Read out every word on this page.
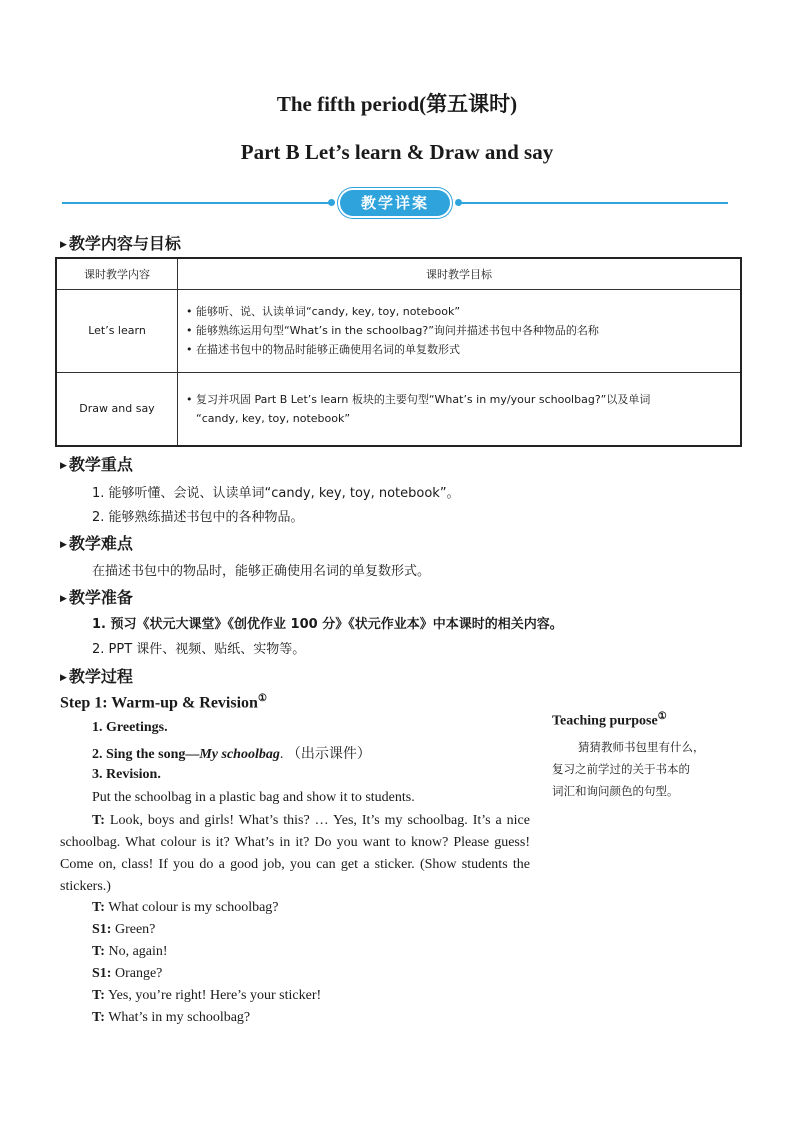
The fifth period(第五课时)
Part B Let’s learn & Draw and say
教学详案
▶ 教学内容与目标
课时教学内容	课时教学目标
Let’s learn	• 能够听、说、认读单词“candy, key, toy, notebook”
• 能够熟练运用句型“What’s in the schoolbag?”询问并描述书包中各种物品的名称
• 在描述书包中的物品时能够正确使用名词的单复数形式

Draw and say	• 复习并巩固 Part B Let’s learn 板块的主要句型“What’s in my/your schoolbag?”以及单词
“candy, key, toy, notebook”
▶ 教学重点
1. 能够听懂、会说、认读单词“candy, key, toy, notebook”。
2. 能够熟练描述书包中的各种物品。
▶ 教学难点
在描述书包中的物品时，能够正确使用名词的单复数形式。
▶ 教学准备
1. 预习《状元大课堂》《创优作业 100 分》《状元作业本》中本课时的相关内容。
2. PPT 课件、视频、贴纸、实物等。
▶ 教学过程
Step 1: Warm-up & Revision①
1. Greetings.
2. Sing the song—My schoolbag. （出示课件）
3. Revision.
Put the schoolbag in a plastic bag and show it to students.
T: Look, boys and girls! What’s this? … Yes, It’s my schoolbag. It’s a nice schoolbag. What colour is it? What’s in it? Do you want to know? Please guess! Come on, class! If you do a good job, you can get a sticker. (Show students the stickers.)
T: What colour is my schoolbag?
S1: Green?
T: No, again!
S1: Orange?
T: Yes, you’re right! Here’s your sticker!
T: What’s in my schoolbag?
Teaching purpose①
猜猜教师书包里有什么，
复习之前学过的关于书本的
词汇和询问颜色的句型。
